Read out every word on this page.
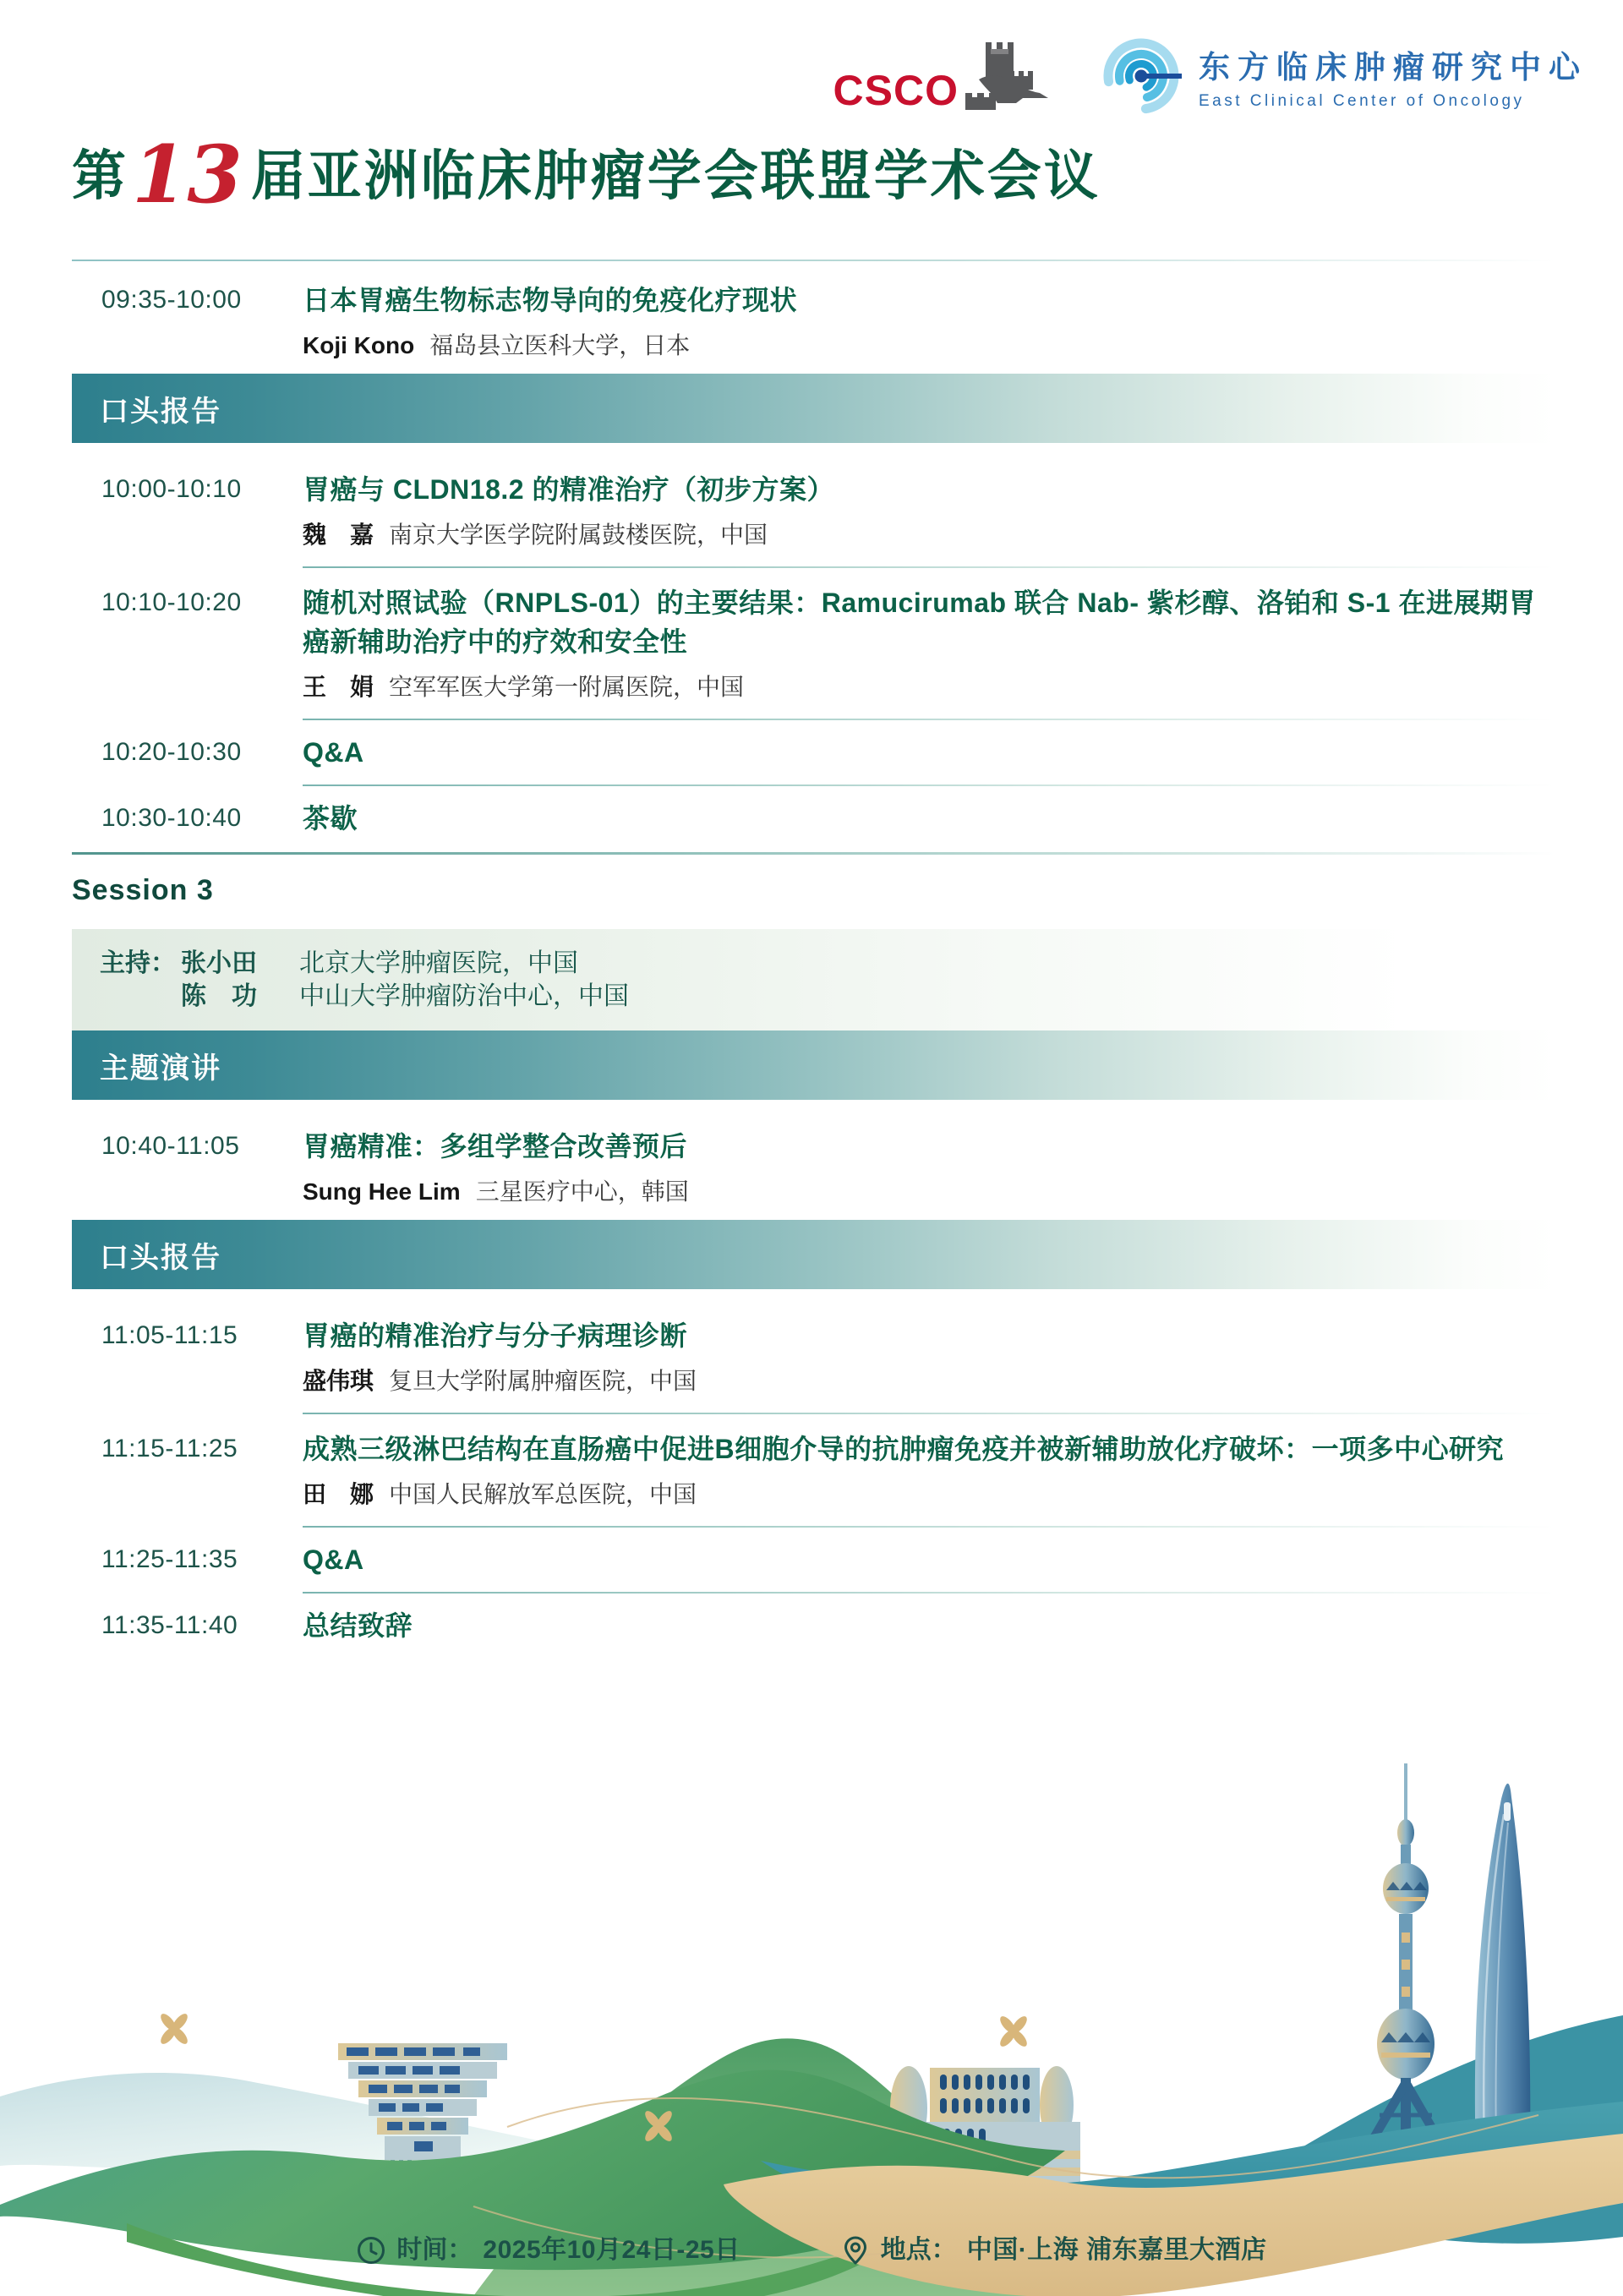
CSCO	东方临床肿瘤研究中心
East Clinical Center of Oncology
第 13 届亚洲临床肿瘤学会联盟学术会议
09:35-10:00	日本胃癌生物标志物导向的免疫化疗现状
Koji Kono 福岛县立医科大学，日本
口头报告
10:00-10:10	胃癌与 CLDN18.2 的精准治疗（初步方案）
魏　嘉 南京大学医学院附属鼓楼医院，中国
10:10-10:20	随机对照试验（RNPLS-01）的主要结果：Ramucirumab 联合 Nab- 紫杉醇、洛铂和 S-1 在进展期胃癌新辅助治疗中的疗效和安全性
王　娟 空军军医大学第一附属医院，中国
10:20-10:30	Q&A
10:30-10:40	茶歇
Session 3
主持： 张小田	北京大学肿瘤医院，中国
陈　功	中山大学肿瘤防治中心，中国
主题演讲
10:40-11:05	胃癌精准：多组学整合改善预后
Sung Hee Lim 三星医疗中心，韩国
口头报告
11:05-11:15	胃癌的精准治疗与分子病理诊断
盛伟琪 复旦大学附属肿瘤医院，中国
11:15-11:25	成熟三级淋巴结构在直肠癌中促进B细胞介导的抗肿瘤免疫并被新辅助放化疗破坏：一项多中心研究
田　娜 中国人民解放军总医院，中国
11:25-11:35	Q&A
11:35-11:40	总结致辞
时间： 2025年10月24日-25日	地点： 中国·上海 浦东嘉里大酒店
